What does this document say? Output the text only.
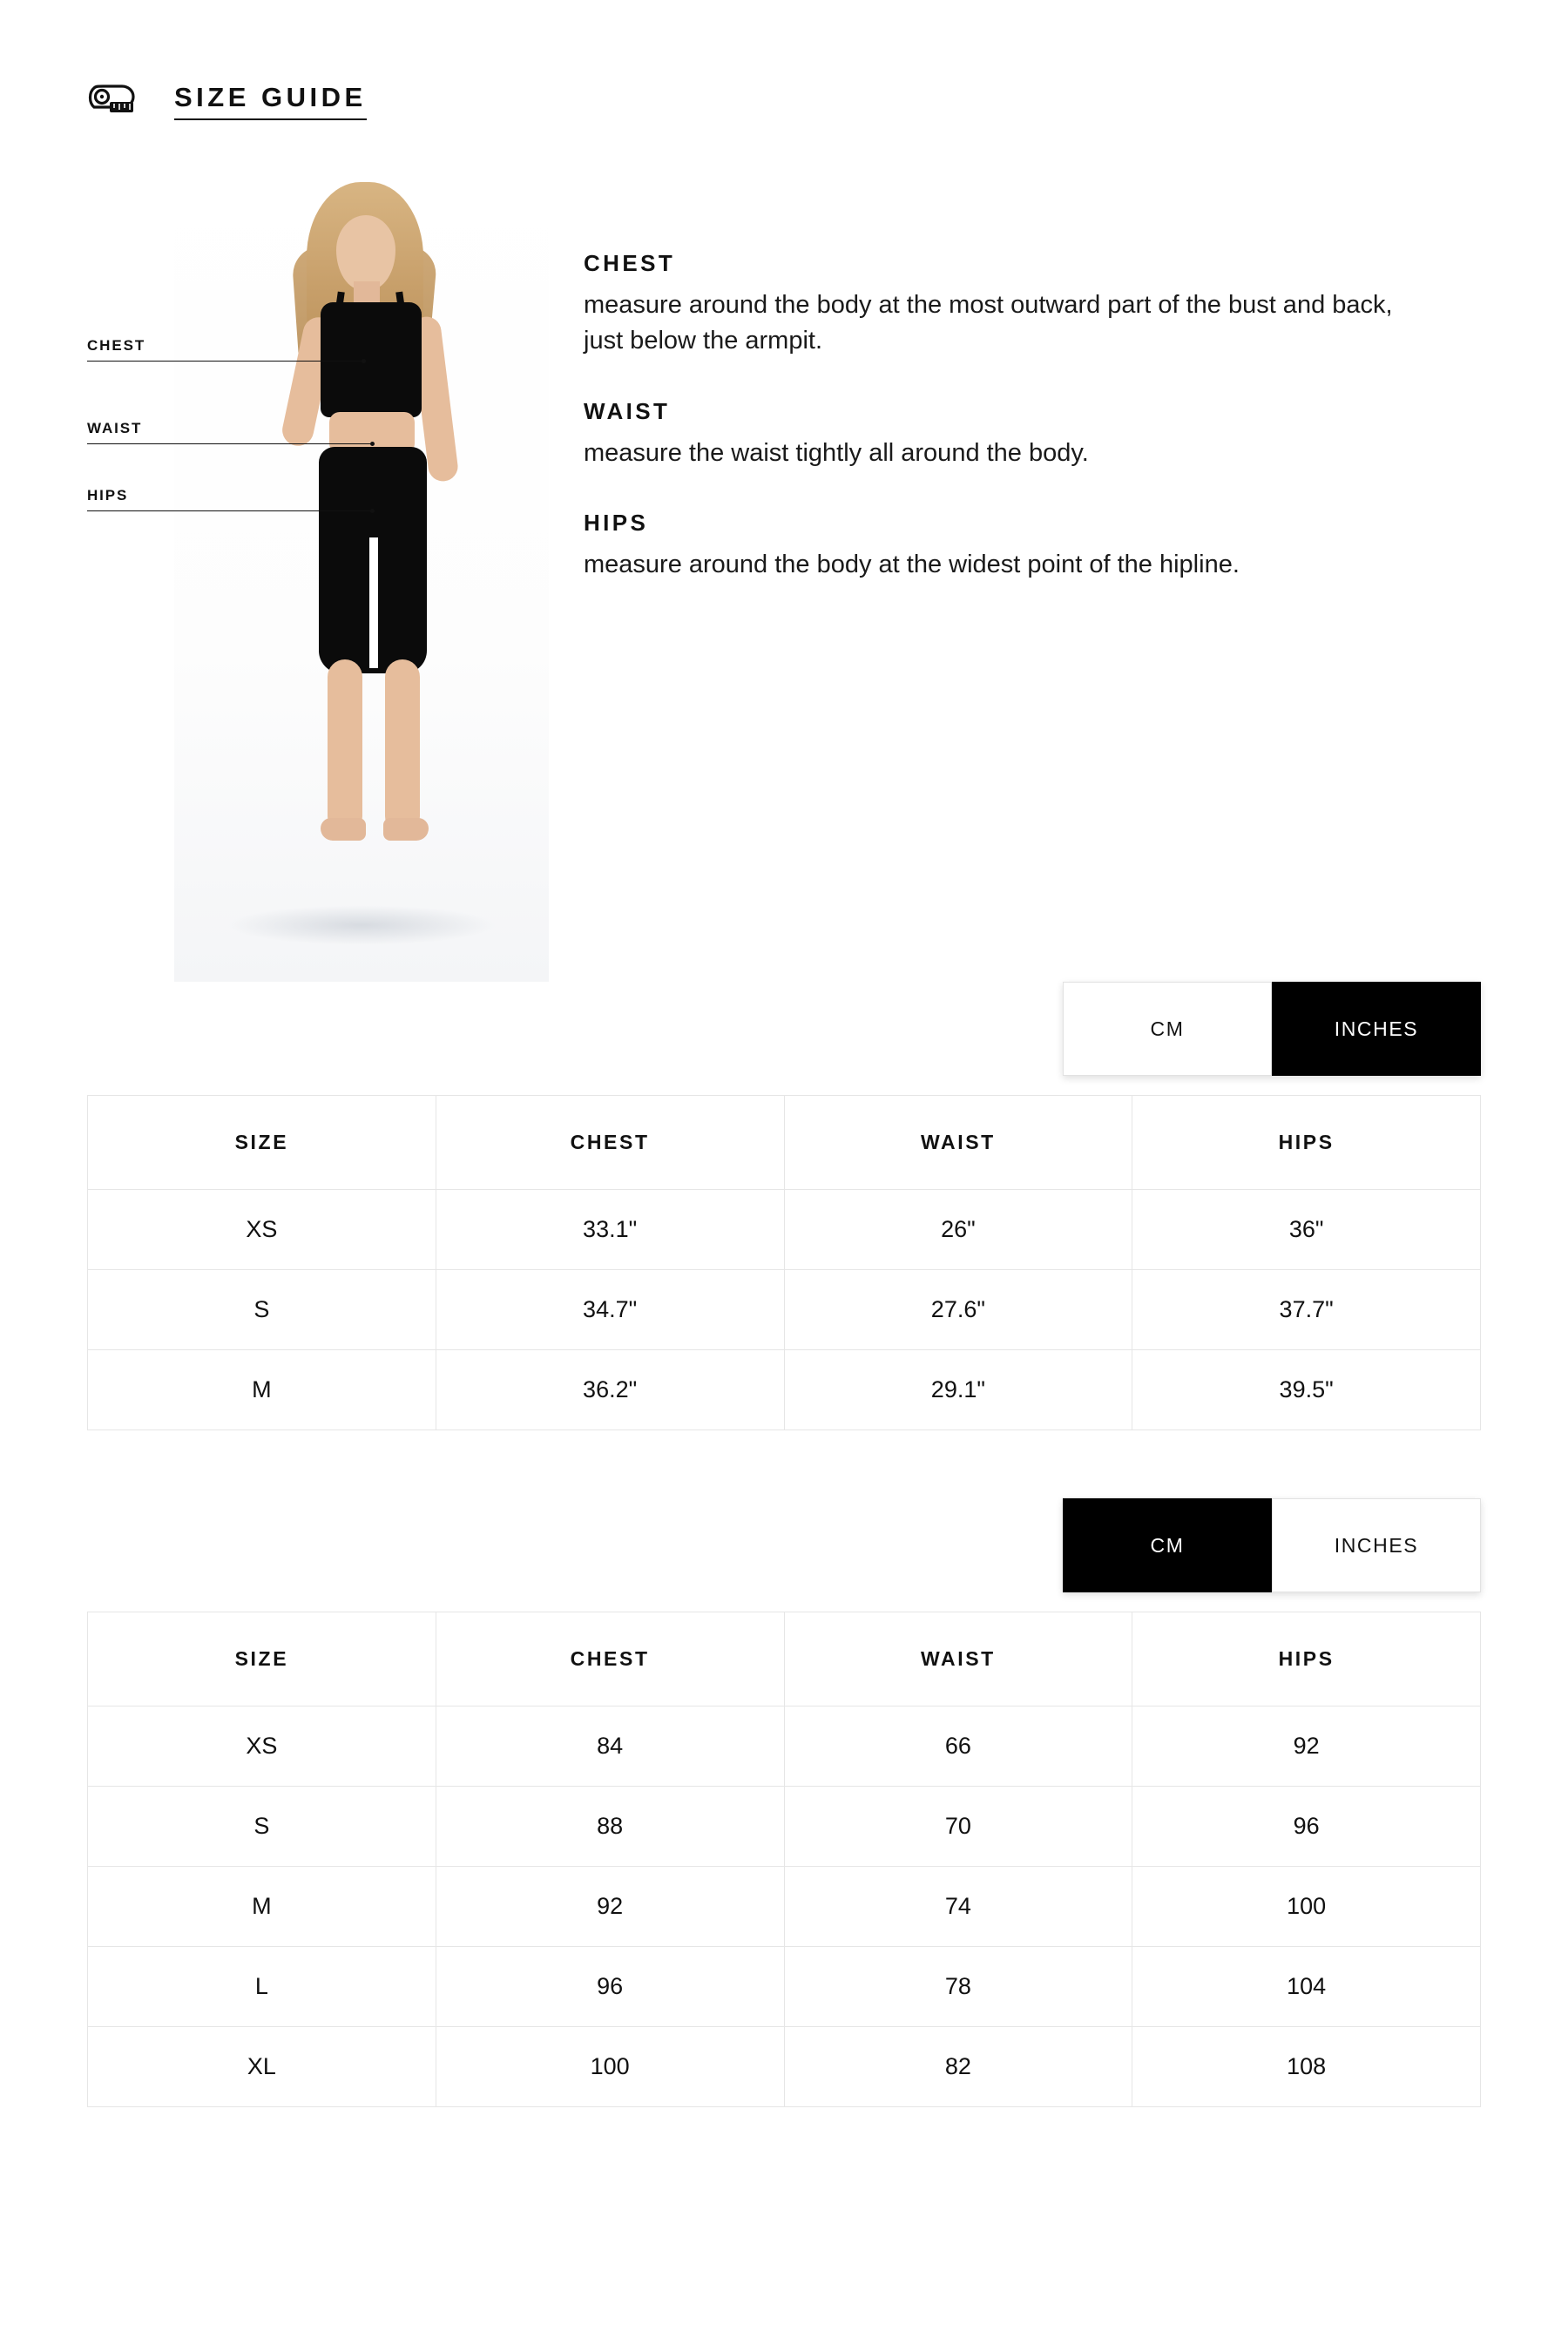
SIZE GUIDE
CHEST
WAIST
HIPS
CHEST
measure around the body at the most outward part of the bust and back, just below the armpit.
WAIST
measure the waist tightly all around the body.
HIPS
measure around the body at the widest point of the hipline.
CM	INCHES
SIZE	CHEST	WAIST	HIPS
XS	33.1"	26"	36"
S	34.7"	27.6"	37.7"
M	36.2"	29.1"	39.5"
CM	INCHES
SIZE	CHEST	WAIST	HIPS
XS	84	66	92
S	88	70	96
M	92	74	100
L	96	78	104
XL	100	82	108
